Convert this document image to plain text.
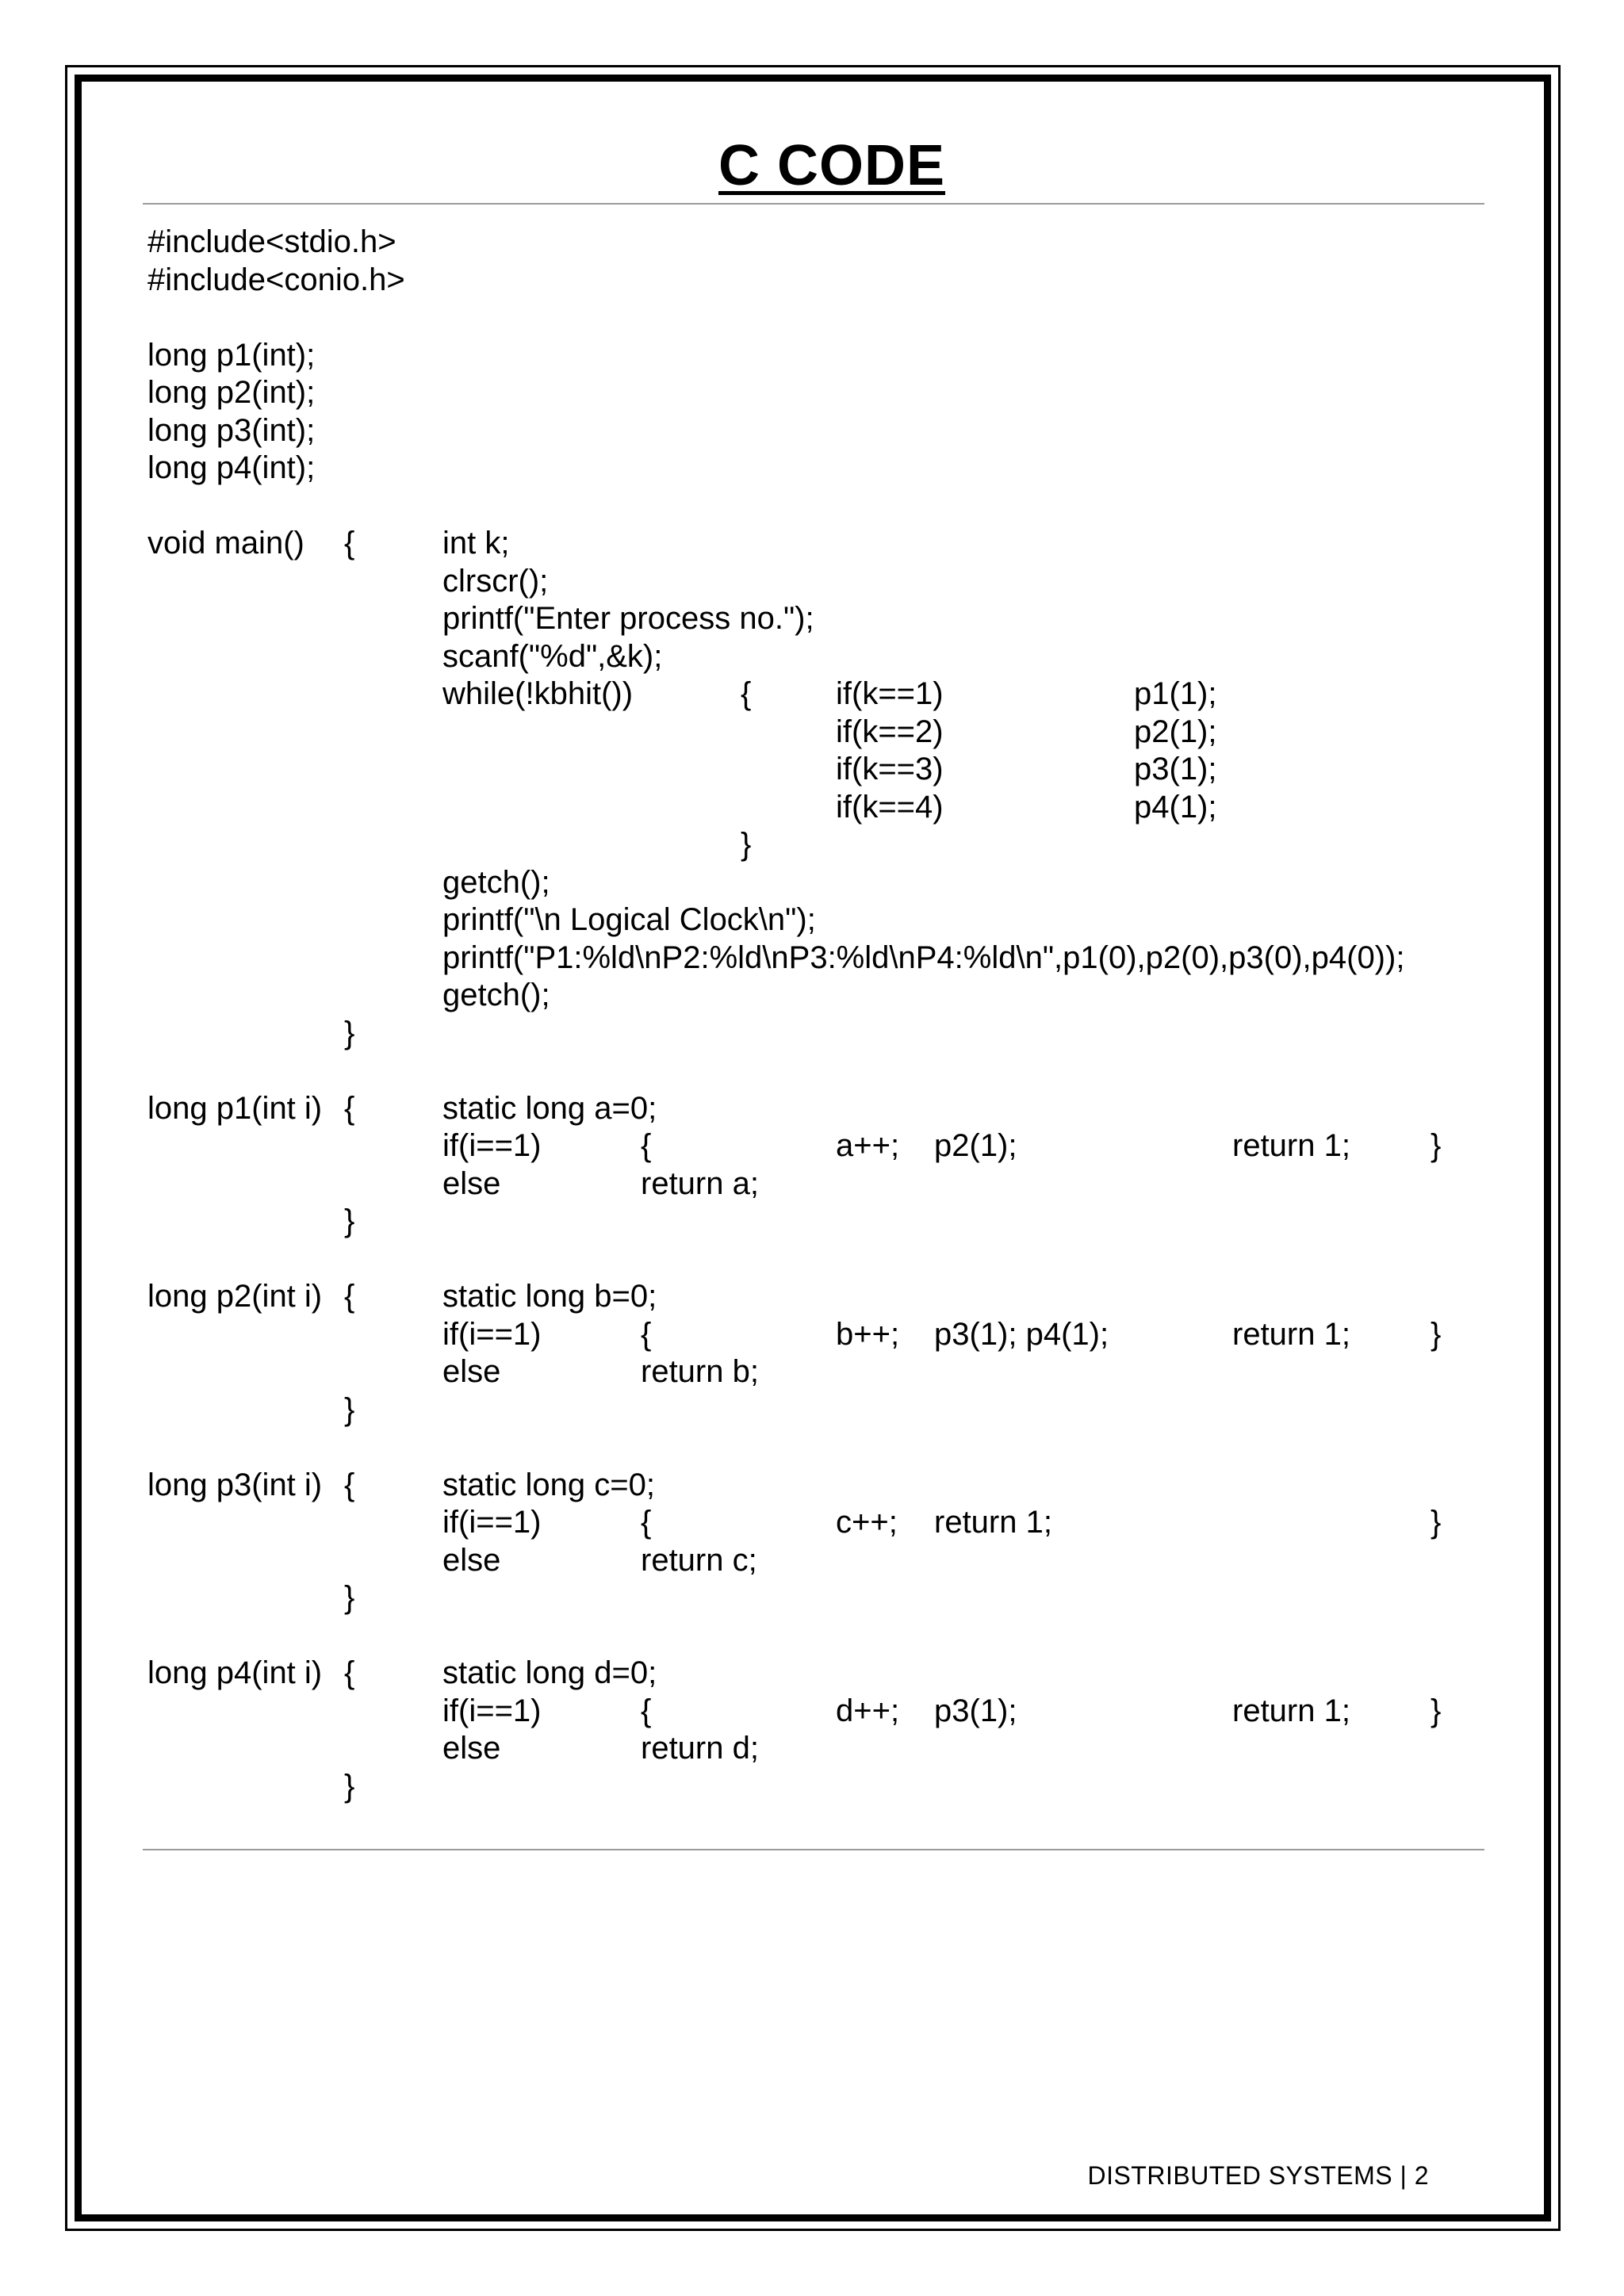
C CODE
#include<stdio.h>
#include<conio.h>
long p1(int);
long p2(int);
long p3(int);
long p4(int);
void main() {	int k;
clrscr();
printf("Enter process no.");
scanf("%d",&k);
while(!kbhit())	{	if(k==1)	p1(1);
if(k==2)	p2(1);
if(k==3)	p3(1);
if(k==4)	p4(1);
}
getch();
printf("\n Logical Clock\n");
printf("P1:%ld\nP2:%ld\nP3:%ld\nP4:%ld\n",p1(0),p2(0),p3(0),p4(0));
getch();
}
long p1(int i) {	static long a=0;
if(i==1)	{	a++; p2(1);	return 1;	}
else	return a;
}
long p2(int i) {	static long b=0;
if(i==1)	{	b++; p3(1); p4(1);	return 1;	}
else	return b;
}
long p3(int i) {	static long c=0;
if(i==1)	{	c++; return 1;	}
else	return c;
}
long p4(int i) {	static long d=0;
if(i==1)	{	d++; p3(1);	return 1;	}
else	return d;
}
DISTRIBUTED SYSTEMS | 2
